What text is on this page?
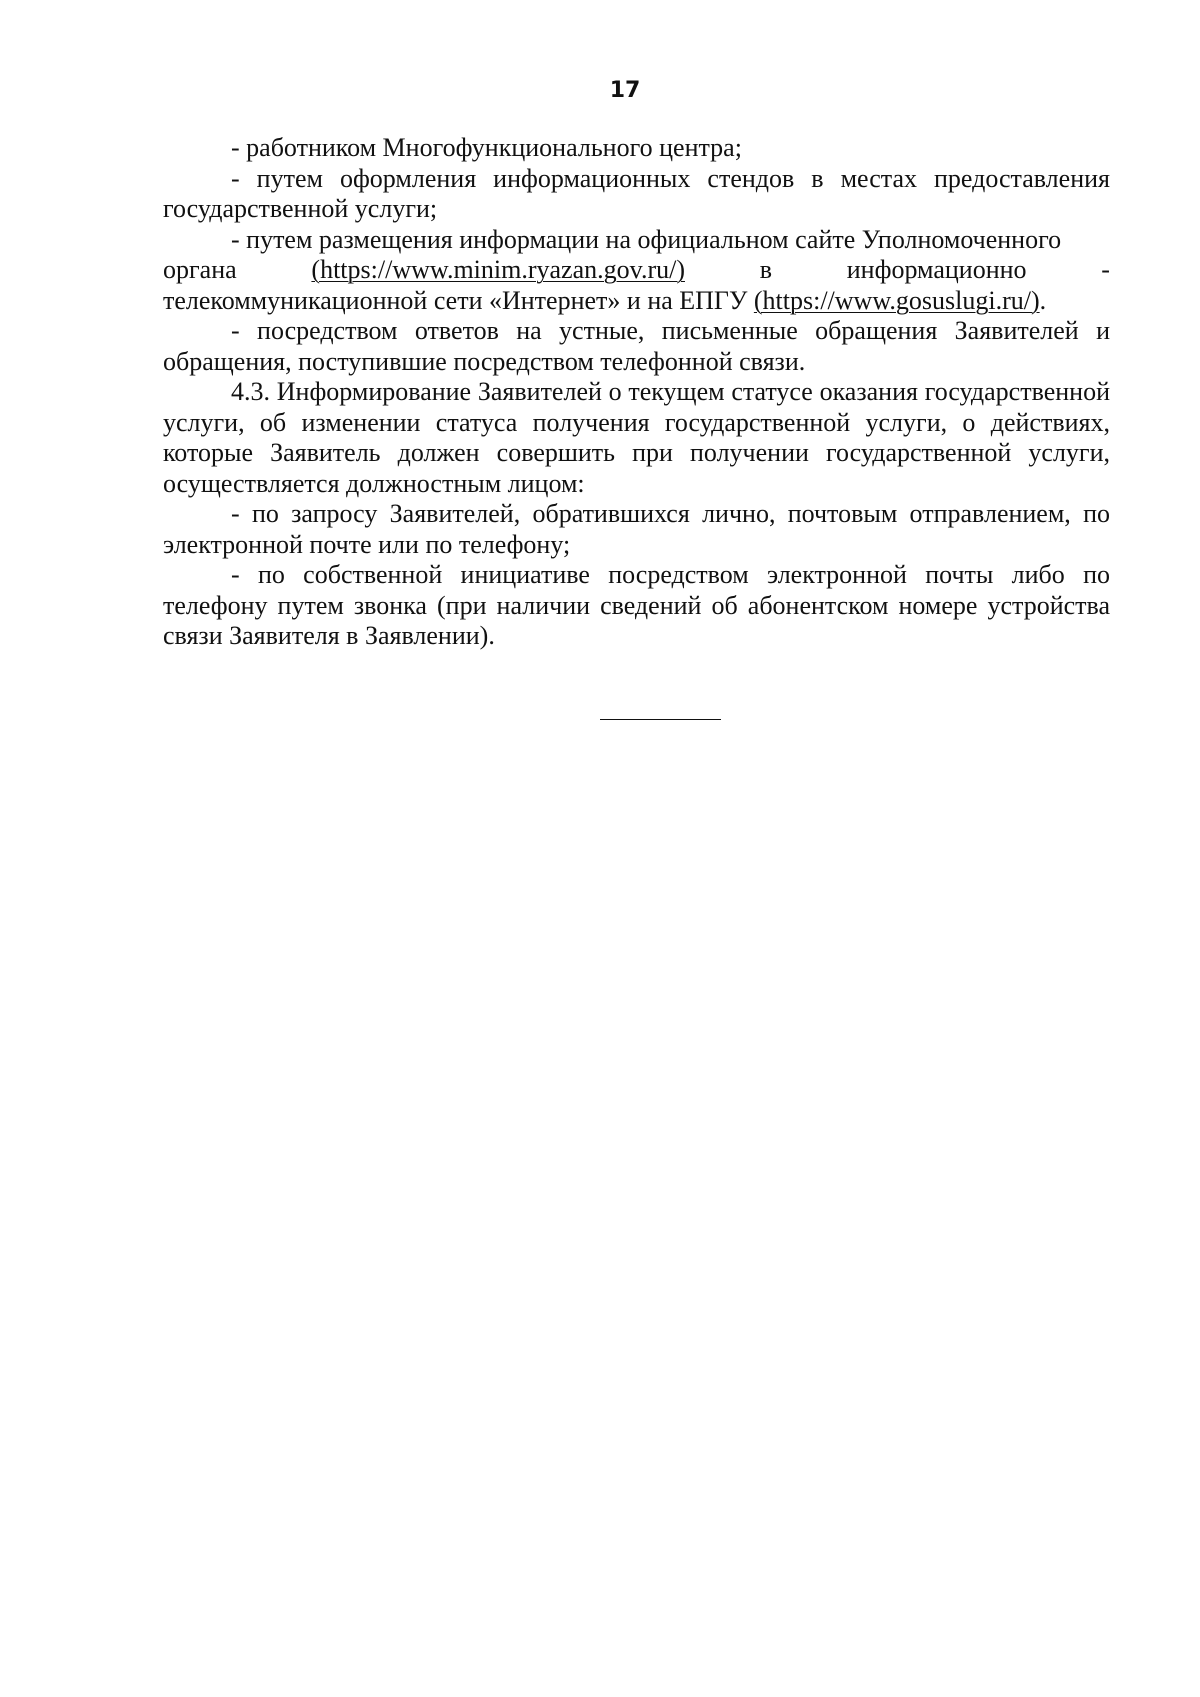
17

- работником Многофункционального центра;

- путем оформления информационных стендов в местах предоставления государственной услуги;

- путем размещения информации на официальном сайте Уполномоченного

органа	(https://www.minim.ryazan.gov.ru/)	в	информационно	-

телекоммуникационной сети «Интернет» и на ЕПГУ (https://www.gosuslugi.ru/).

- посредством ответов на устные, письменные обращения Заявителей и обращения, поступившие посредством телефонной связи.

4.3. Информирование Заявителей о текущем статусе оказания государственной услуги, об изменении статуса получения государственной услуги, о действиях, которые Заявитель должен совершить при получении государственной услуги, осуществляется должностным лицом:

- по запросу Заявителей, обратившихся лично, почтовым отправлением, по электронной почте или по телефону;

- по собственной инициативе посредством электронной почты либо по телефону путем звонка (при наличии сведений об абонентском номере устройства связи Заявителя в Заявлении).
